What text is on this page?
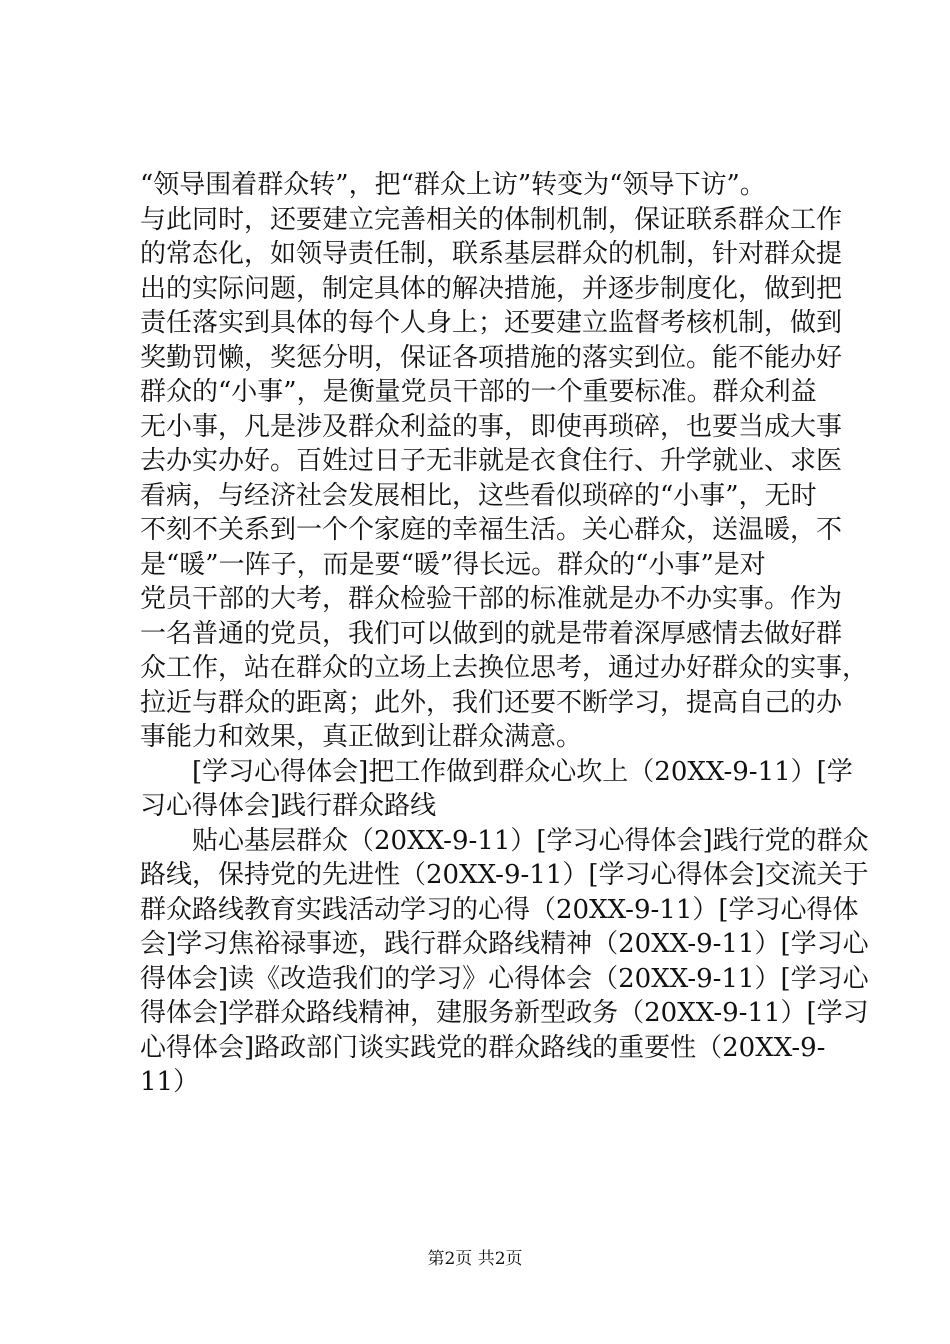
“领导围着群众转”，把“群众上访”转变为“领导下访”。
与此同时，还要建立完善相关的体制机制，保证联系群众工作
的常态化，如领导责任制，联系基层群众的机制，针对群众提
出的实际问题，制定具体的解决措施，并逐步制度化，做到把
责任落实到具体的每个人身上；还要建立监督考核机制，做到
奖勤罚懒，奖惩分明，保证各项措施的落实到位。能不能办好
群众的“小事”，是衡量党员干部的一个重要标准。群众利益
无小事，凡是涉及群众利益的事，即使再琐碎，也要当成大事
去办实办好。百姓过日子无非就是衣食住行、升学就业、求医
看病，与经济社会发展相比，这些看似琐碎的“小事”，无时
不刻不关系到一个个家庭的幸福生活。关心群众，送温暖，不
是“暖”一阵子，而是要“暖”得长远。群众的“小事”是对
党员干部的大考，群众检验干部的标准就是办不办实事。作为
一名普通的党员，我们可以做到的就是带着深厚感情去做好群
众工作，站在群众的立场上去换位思考，通过办好群众的实事，
拉近与群众的距离；此外，我们还要不断学习，提高自己的办
事能力和效果，真正做到让群众满意。
　　[学习心得体会]把工作做到群众心坎上（20XX-9-11）[学
习心得体会]践行群众路线
　　贴心基层群众（20XX-9-11）[学习心得体会]践行党的群众
路线，保持党的先进性（20XX-9-11）[学习心得体会]交流关于
群众路线教育实践活动学习的心得（20XX-9-11）[学习心得体
会]学习焦裕禄事迹，践行群众路线精神（20XX-9-11）[学习心
得体会]读《改造我们的学习》心得体会（20XX-9-11）[学习心
得体会]学群众路线精神，建服务新型政务（20XX-9-11）[学习
心得体会]路政部门谈实践党的群众路线的重要性（20XX-9-
11）
第2页 共2页
